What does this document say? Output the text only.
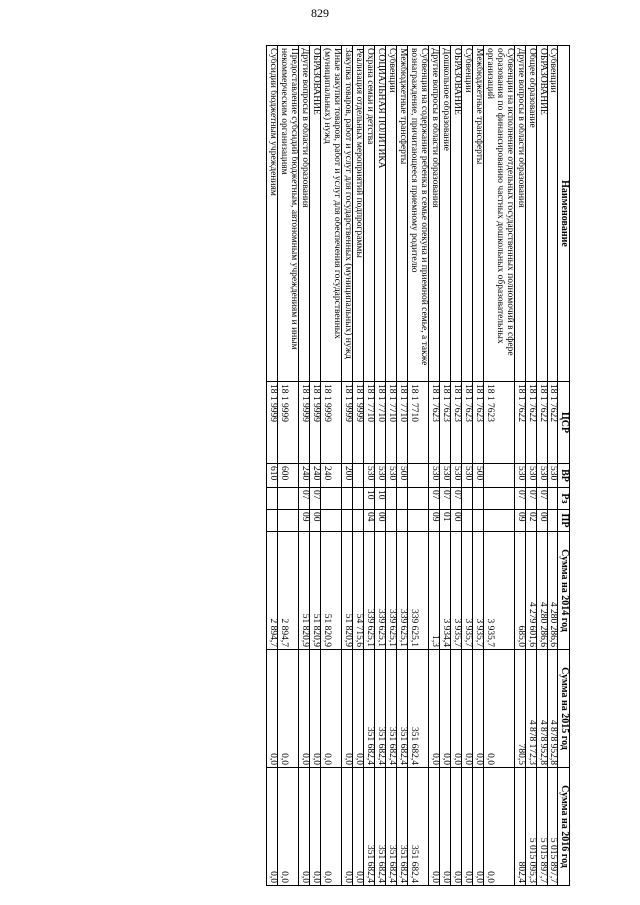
829
Наименование	ЦСР	ВР	Рз	ПР	Сумма на 2014 год	Сумма на 2015 год	Сумма на 2016 год
Субвенции	18 1 7622	530			4 280 286,6	4 878 952,8	5 015 897,7
ОБРАЗОВАНИЕ	18 1 7622	530	07	00	4 280 286,6	4 878 952,8	5 015 897,7
Общее образование	18 1 7622	530	07	02	4 279 601,6	4 878 172,3	5 015 095,3
Другие вопросы в области образования	18 1 7622	530	07	09	685,0	780,5	802,4
Субвенции на исполнение отдельных государственных полномочий в сфере образования по финансированию частных дошкольных образовательных организаций	18 1 7623				3 935,7	0,0	0,0
Межбюджетные трансферты	18 1 7623	500			3 935,7	0,0	0,0
Субвенции	18 1 7623	530			3 935,7	0,0	0,0
ОБРАЗОВАНИЕ	18 1 7623	530	07	00	3 935,7	0,0	0,0
Дошкольное образование	18 1 7623	530	07	01	3 934,4	0,0	0,0
Другие вопросы в области образования	18 1 7623	530	07	09	1,3	0,0	0,0
Субвенция на содержание ребенка в семье опекуна и приемной семье, а также вознаграждение, причитающееся приемному родителю	18 1 7710				339 625,1	351 682,4	351 682,4
Межбюджетные трансферты	18 1 7710	500			339 625,1	351 682,4	351 682,4
Субвенции	18 1 7710	530			339 625,1	351 682,4	351 682,4
СОЦИАЛЬНАЯ ПОЛИТИКА	18 1 7710	530	10	00	339 625,1	351 682,4	351 682,4
Охрана семьи и детства	18 1 7710	530	10	04	339 625,1	351 682,4	351 682,4
Реализация отдельных мероприятий подпрограммы	18 1 9999				54 715,6	0,0	0,0
Закупка товаров, работ и услуг для государственных (муниципальных) нужд	18 1 9999	200			51 820,9	0,0	0,0
Иные закупки товаров, работ и услуг для обеспечения государственных (муниципальных) нужд	18 1 9999	240			51 820,9	0,0	0,0
ОБРАЗОВАНИЕ	18 1 9999	240	07	00	51 820,9	0,0	0,0
Другие вопросы в области образования	18 1 9999	240	07	09	51 820,9	0,0	0,0
Предоставление субсидий бюджетным, автономным учреждениям и иным некоммерческим организациям	18 1 9999	600			2 894,7	0,0	0,0
Субсидии бюджетным учреждениям	18 1 9999	610			2 894,7	0,0	0,0
